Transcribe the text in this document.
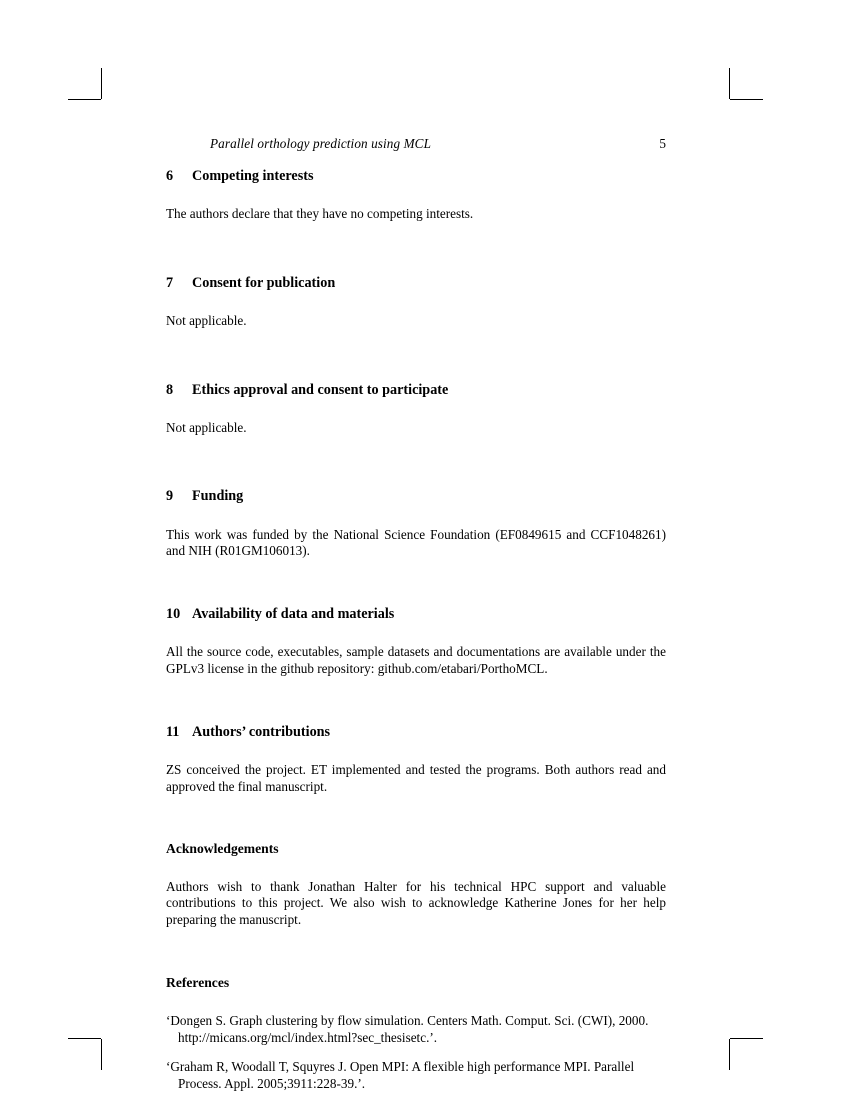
Parallel orthology prediction using MCL	5
6	Competing interests

The authors declare that they have no competing interests.

7	Consent for publication

Not applicable.

8	Ethics approval and consent to participate

Not applicable.

9	Funding

This work was funded by the National Science Foundation (EF0849615 and CCF1048261) and NIH (R01GM106013).

10 Availability of data and materials

All the source code, executables, sample datasets and documentations are available under the GPLv3 license in the github repository: github.com/etabari/PorthoMCL.

11 Authors’ contributions

ZS conceived the project. ET implemented and tested the programs. Both authors read and approved the final manuscript.

Acknowledgements

Authors wish to thank Jonathan Halter for his technical HPC support and valuable contributions to this project. We also wish to acknowledge Katherine Jones for her help preparing the manuscript.

References

‘Dongen S. Graph clustering by flow simulation. Centers Math. Comput. Sci. (CWI), 2000. http://micans.org/mcl/index.html?sec_thesisetc.’.

‘Graham R, Woodall T, Squyres J. Open MPI: A flexible high performance MPI. Parallel Process. Appl. 2005;3911:228-39.’.
